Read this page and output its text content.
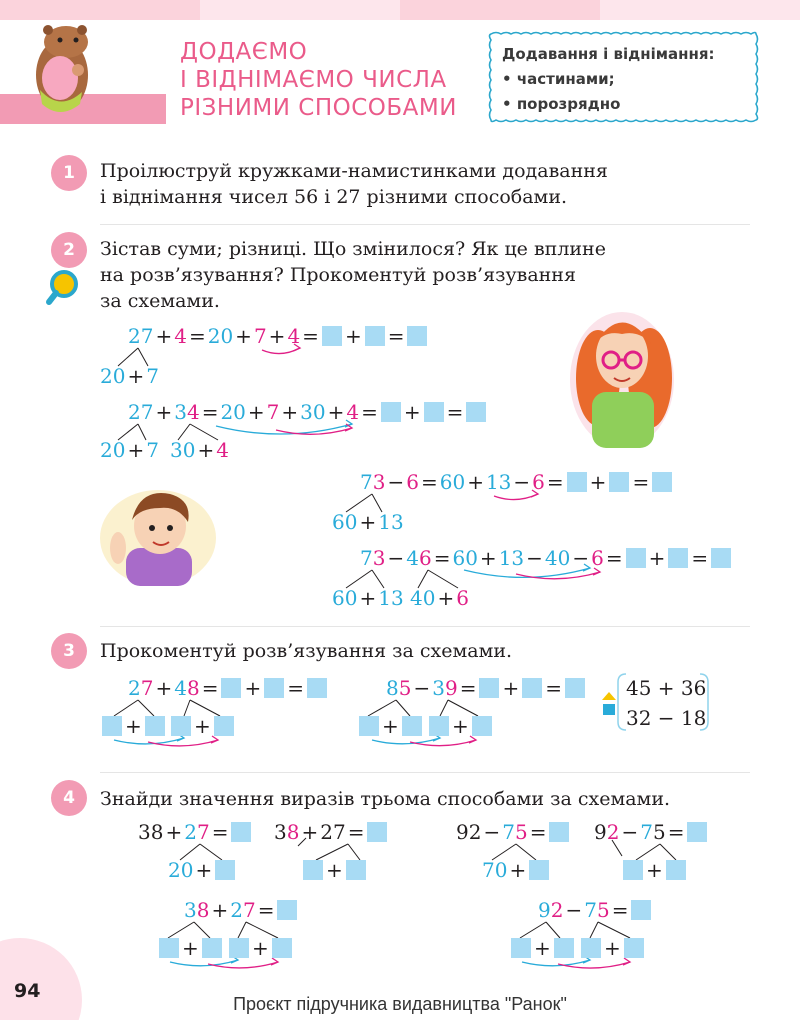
ДОДАЄМО
І ВІДНІМАЄМО ЧИСЛА
РІЗНИМИ СПОСОБАМИ
Додавання і віднімання:
• частинами;
• порозрядно
1	Проілюструй кружками-намистинками додавання
і віднімання чисел 56 і 27 різними способами.
2	Зістав суми; різниці. Що змінилося? Як це вплине
на розв’язування? Прокоментуй розв’язування
за схемами.
27 + 4 = 20 + 7 + 4 = + =
20 + 7
27 + 34 = 20 + 7 + 30 + 4 = + =
20 + 7 30 + 4
73 − 6 = 60 + 13 − 6 = + =
60 + 13
73 − 46 = 60 + 13 − 40 − 6 = + =
60 + 13 40 + 6
3	Прокоментуй розв’язування за схемами.
27 + 48 = + =
+	+
85 − 39 = + =
+	+
45 + 36
32 − 18
4	Знайди значення виразів трьома способами за схемами.
38 + 27 =
20 +
38 + 27 =
+
92 − 75 =
70 +
92 − 75 =
+
38 + 27 =
+	+
92 − 75 =
+	+
94
Проєкт підручника видавництва "Ранок"
